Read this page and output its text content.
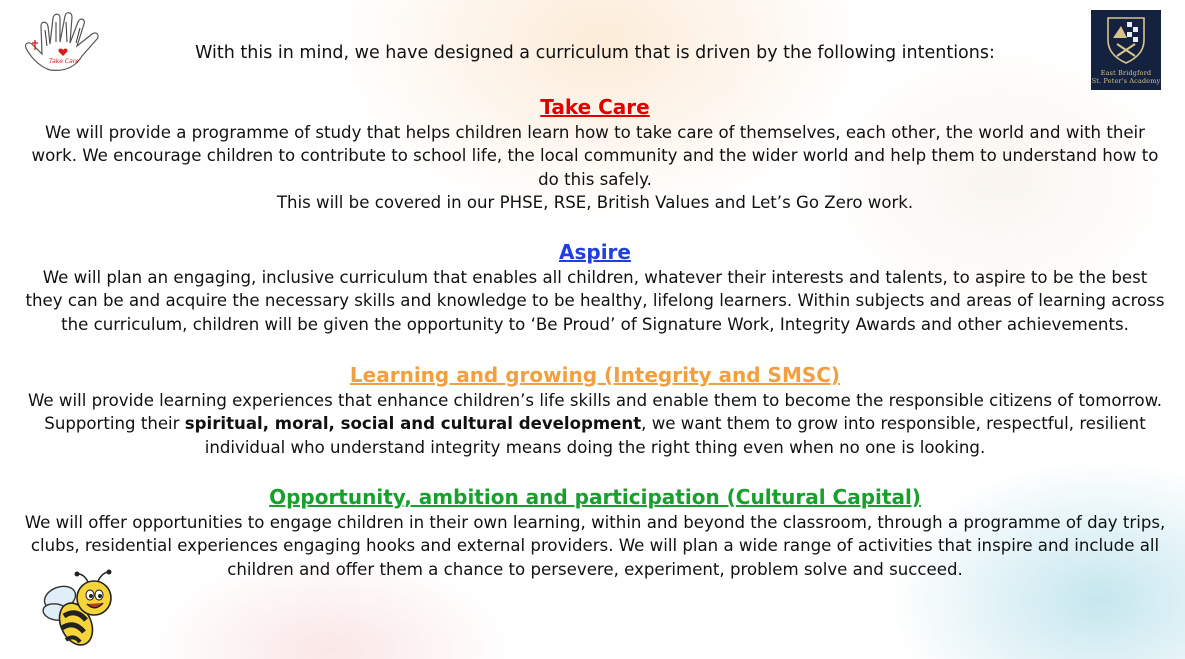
Take Care
East Bridgford
St. Peter's Academy
With this in mind, we have designed a curriculum that is driven by the following intentions:

Take Care

We will provide a programme of study that helps children learn how to take care of themselves, each other, the world and with their work. We encourage children to contribute to school life, the local community and the wider world and help them to understand how to do this safely.

This will be covered in our PHSE, RSE, British Values and Let’s Go Zero work.

Aspire

We will plan an engaging, inclusive curriculum that enables all children, whatever their interests and talents, to aspire to be the best they can be and acquire the necessary skills and knowledge to be healthy, lifelong learners. Within subjects and areas of learning across the curriculum, children will be given the opportunity to ‘Be Proud’ of Signature Work, Integrity Awards and other achievements.

Learning and growing (Integrity and SMSC)

We will provide learning experiences that enhance children’s life skills and enable them to become the responsible citizens of tomorrow. Supporting their spiritual, moral, social and cultural development, we want them to grow into responsible, respectful, resilient individual who understand integrity means doing the right thing even when no one is looking.

Opportunity, ambition and participation (Cultural Capital)

We will offer opportunities to engage children in their own learning, within and beyond the classroom, through a programme of day trips, clubs, residential experiences engaging hooks and external providers. We will plan a wide range of activities that inspire and include all children and offer them a chance to persevere, experiment, problem solve and succeed.
